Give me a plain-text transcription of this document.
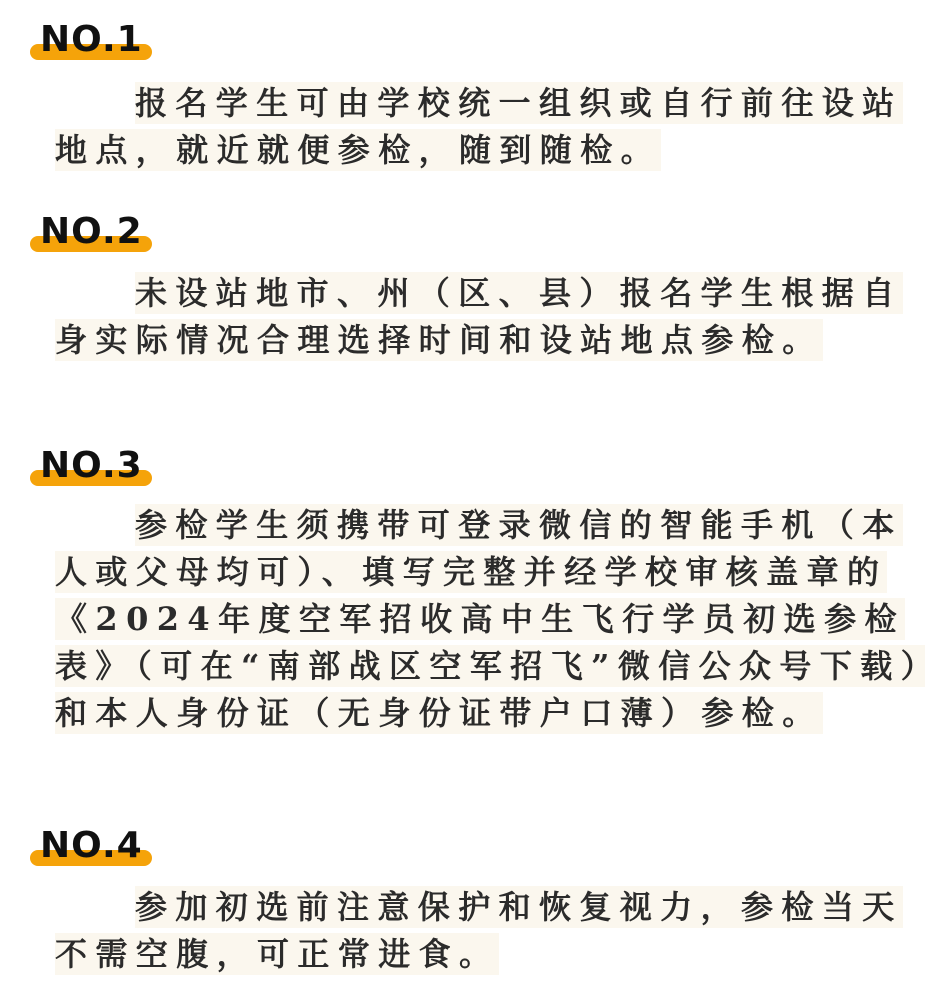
NO.1
报名学生可由学校统一组织或自行前往设站地点，就近就便参检，随到随检。
NO.2
未设站地市、州（区、县）报名学生根据自身实际情况合理选择时间和设站地点参检。
NO.3
参检学生须携带可登录微信的智能手机（本人或父母均可）、填写完整并经学校审核盖章的《2024年度空军招收高中生飞行学员初选参检表》（可在“南部战区空军招飞”微信公众号下载）和本人身份证（无身份证带户口薄）参检。
NO.4
参加初选前注意保护和恢复视力，参检当天不需空腹，可正常进食。
